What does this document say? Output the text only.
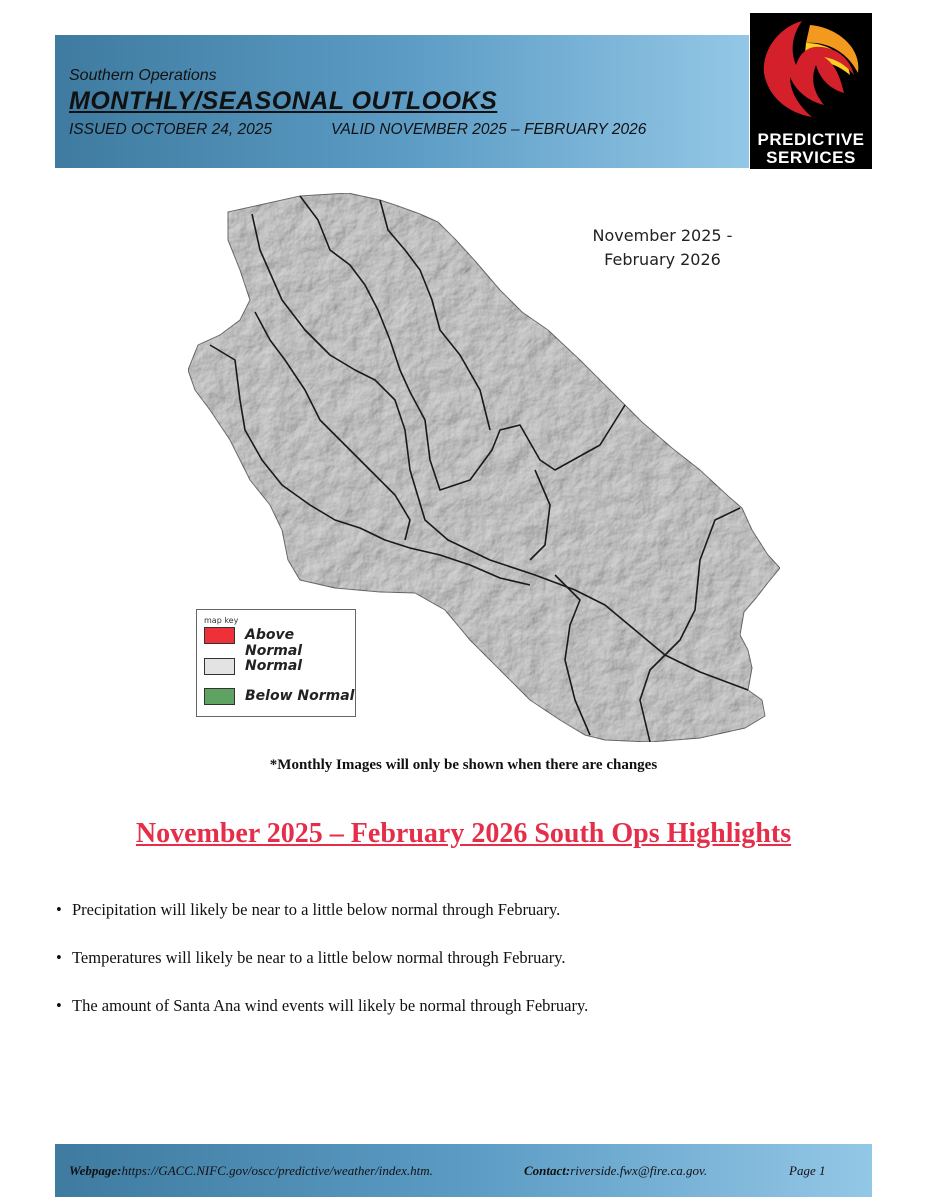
Southern Operations
MONTHLY/SEASONAL OUTLOOKS
ISSUED OCTOBER 24, 2025	VALID NOVEMBER 2025 – FEBRUARY 2026
PREDICTIVE
SERVICES
November 2025 -
February 2026
map key
Above Normal
Normal
Below Normal
*Monthly Images will only be shown when there are changes
November 2025 – February 2026 South Ops Highlights
• Precipitation will likely be near to a little below normal through February.
• Temperatures will likely be near to a little below normal through February.
• The amount of Santa Ana wind events will likely be normal through February.
Webpage:https://GACC.NIFC.gov/oscc/predictive/weather/index.htm.	Contact:riverside.fwx@fire.ca.gov.	Page 1
